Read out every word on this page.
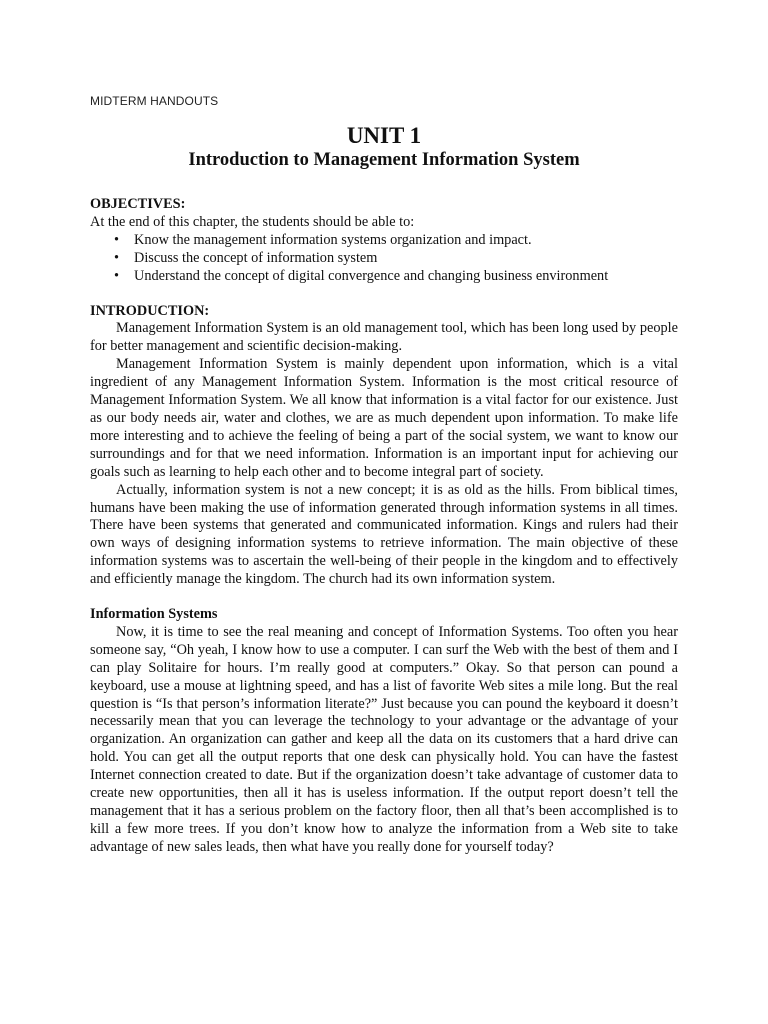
MIDTERM HANDOUTS

UNIT 1
Introduction to Management Information System

OBJECTIVES:

At the end of this chapter, the students should be able to:

• Know the management information systems organization and impact.
• Discuss the concept of information system
• Understand the concept of digital convergence and changing business environment

INTRODUCTION:

Management Information System is an old management tool, which has been long used by people for better management and scientific decision-making.

Management Information System is mainly dependent upon information, which is a vital ingredient of any Management Information System. Information is the most critical resource of Management Information System. We all know that information is a vital factor for our existence. Just as our body needs air, water and clothes, we are as much dependent upon information. To make life more interesting and to achieve the feeling of being a part of the social system, we want to know our surroundings and for that we need information. Information is an important input for achieving our goals such as learning to help each other and to become integral part of society.

Actually, information system is not a new concept; it is as old as the hills. From biblical times, humans have been making the use of information generated through information systems in all times. There have been systems that generated and communicated information. Kings and rulers had their own ways of designing information systems to retrieve information. The main objective of these information systems was to ascertain the well-being of their people in the kingdom and to effectively and efficiently manage the kingdom. The church had its own information system.

Information Systems

Now, it is time to see the real meaning and concept of Information Systems. Too often you hear someone say, “Oh yeah, I know how to use a computer. I can surf the Web with the best of them and I can play Solitaire for hours. I’m really good at computers.” Okay. So that person can pound a keyboard, use a mouse at lightning speed, and has a list of favorite Web sites a mile long. But the real question is “Is that person’s information literate?” Just because you can pound the keyboard it doesn’t necessarily mean that you can leverage the technology to your advantage or the advantage of your organization. An organization can gather and keep all the data on its customers that a hard drive can hold. You can get all the output reports that one desk can physically hold. You can have the fastest Internet connection created to date. But if the organization doesn’t take advantage of customer data to create new opportunities, then all it has is useless information. If the output report doesn’t tell the management that it has a serious problem on the factory floor, then all that’s been accomplished is to kill a few more trees. If you don’t know how to analyze the information from a Web site to take advantage of new sales leads, then what have you really done for yourself today?
